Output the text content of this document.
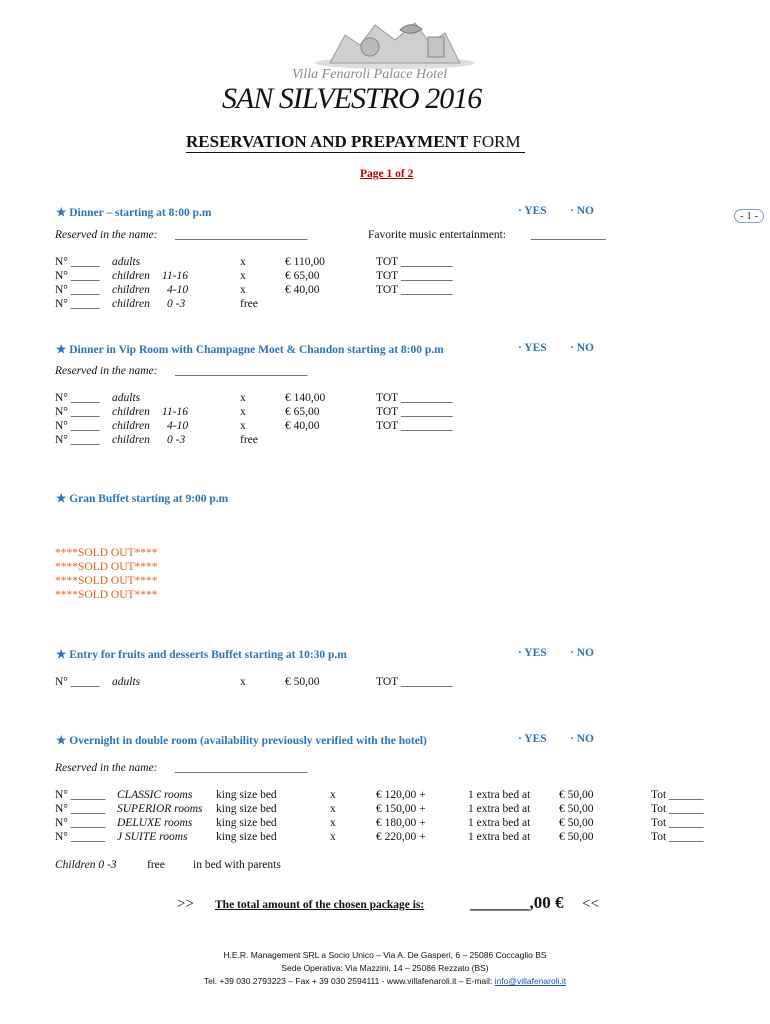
Villa Fenaroli Palace Hotel
SAN SILVESTRO 2016
RESERVATION AND PREPAYMENT FORM
Page 1 of 2
- 1 -
★ Dinner – starting at 8:00 p.m	· YES · NO
Reserved in the name: _______________________	Favorite music entertainment: _____________
N° _____ adults	x	€ 110,00	TOT _________
N° _____ children 11-16	x	€ 65,00	TOT _________
N° _____ children 4-10	x	€ 40,00	TOT _________
N° _____ children 0 -3	free
★ Dinner in Vip Room with Champagne Moet & Chandon starting at 8:00 p.m	· YES · NO
Reserved in the name: _______________________
N° _____ adults	x	€ 140,00	TOT _________
N° _____ children 11-16	x	€ 65,00	TOT _________
N° _____ children 4-10	x	€ 40,00	TOT _________
N° _____ children 0 -3	free
★ Gran Buffet starting at 9:00 p.m
****SOLD OUT****
****SOLD OUT****
****SOLD OUT****
****SOLD OUT****
★ Entry for fruits and desserts Buffet starting at 10:30 p.m	· YES · NO
N° _____ adults	x	€ 50,00	TOT _________
★ Overnight in double room (availability previously verified with the hotel)	· YES · NO
Reserved in the name: _______________________
N° ______ CLASSIC rooms king size bed	x	€ 120,00 +	1 extra bed at € 50,00	Tot ______
N° ______ SUPERIOR rooms king size bed	x	€ 150,00 +	1 extra bed at € 50,00	Tot ______
N° ______ DELUXE rooms king size bed	x	€ 180,00 +	1 extra bed at € 50,00	Tot ______
N° ______ J SUITE rooms king size bed	x	€ 220,00 +	1 extra bed at € 50,00	Tot ______
Children 0 -3	free in bed with parents
>> The total amount of the chosen package is:	_______,00 € <<
H.E.R. Management SRL a Socio Unico – Via A. De Gasperi, 6 – 25086 Coccaglio BS
Sede Operativa: Via Mazzini, 14 – 25086 Rezzato (BS)
Tel. +39 030 2793223 – Fax + 39 030 2594111 - www.villafenaroli.it – E-mail: info@villafenaroli.it
